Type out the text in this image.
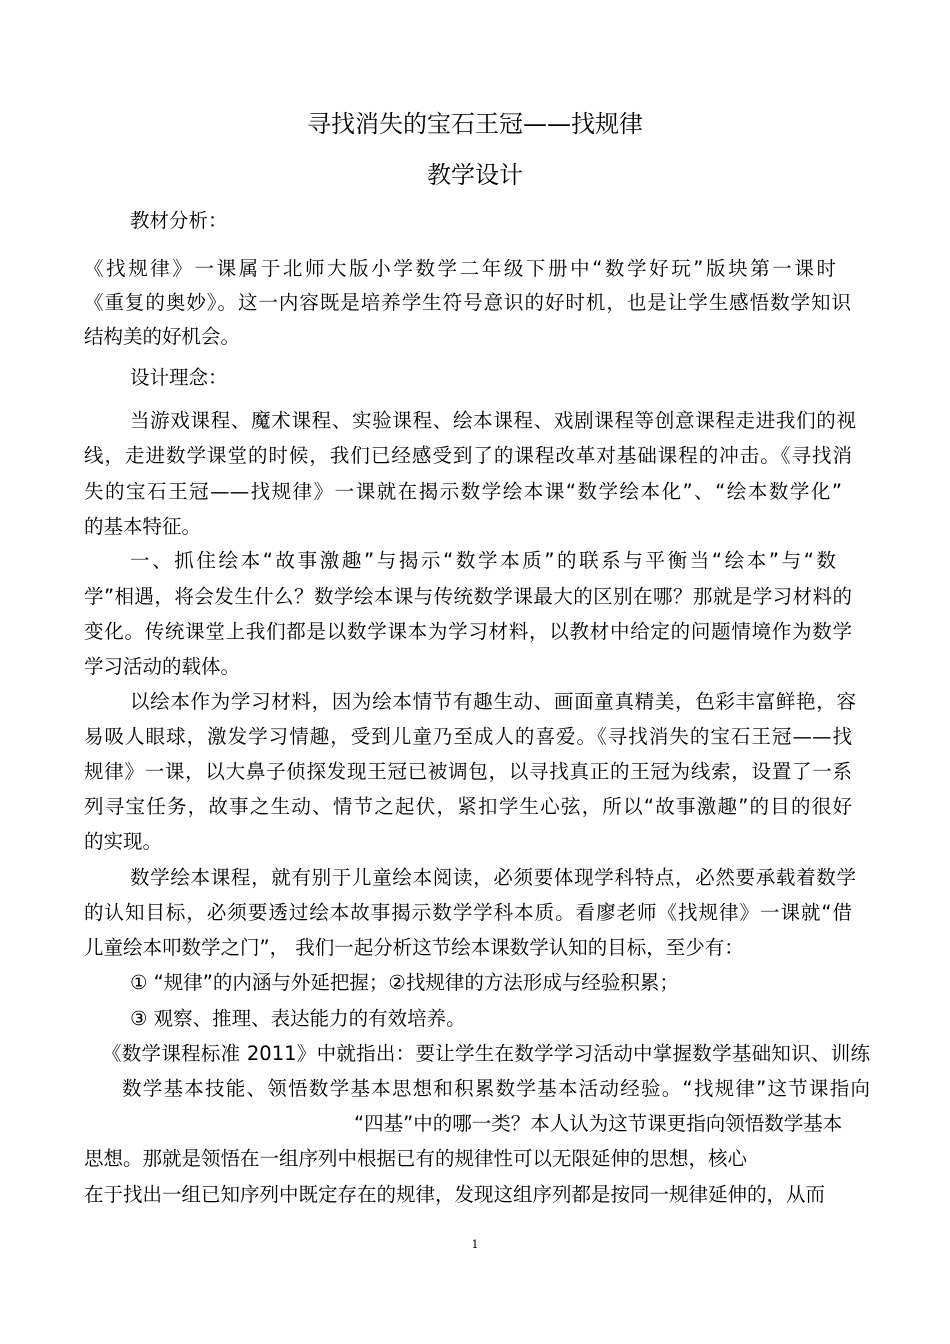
寻找消失的宝石王冠——找规律
教学设计
教材分析：
《找规律》一课属于北师大版小学数学二年级下册中“数学好玩”版块第一课时
《重复的奥妙》。这一内容既是培养学生符号意识的好时机，也是让学生感悟数学知识
结构美的好机会。
设计理念：
当游戏课程、魔术课程、实验课程、绘本课程、戏剧课程等创意课程走进我们的视
线，走进数学课堂的时候，我们已经感受到了的课程改革对基础课程的冲击。《寻找消
失的宝石王冠——找规律》一课就在揭示数学绘本课“数学绘本化”、“绘本数学化”
的基本特征。
一、抓住绘本“故事激趣”与揭示“数学本质”的联系与平衡当“绘本”与“数
学”相遇，将会发生什么？数学绘本课与传统数学课最大的区别在哪？那就是学习材料的
变化。传统课堂上我们都是以数学课本为学习材料，以教材中给定的问题情境作为数学
学习活动的载体。
以绘本作为学习材料，因为绘本情节有趣生动、画面童真精美，色彩丰富鲜艳，容
易吸人眼球，激发学习情趣，受到儿童乃至成人的喜爱。《寻找消失的宝石王冠——找
规律》一课，以大鼻子侦探发现王冠已被调包，以寻找真正的王冠为线索，设置了一系
列寻宝任务，故事之生动、情节之起伏，紧扣学生心弦，所以“故事激趣”的目的很好
的实现。
数学绘本课程，就有别于儿童绘本阅读，必须要体现学科特点，必然要承载着数学
的认知目标，必须要透过绘本故事揭示数学学科本质。看廖老师《找规律》一课就“借
儿童绘本叩数学之门”， 我们一起分析这节绘本课数学认知的目标，至少有：
① “规律”的内涵与外延把握；②找规律的方法形成与经验积累；
③ 观察、推理、表达能力的有效培养。
《数学课程标准 2011》中就指出：要让学生在数学学习活动中掌握数学基础知识、训练
数学基本技能、领悟数学基本思想和积累数学基本活动经验。“找规律”这节课指向
“四基”中的哪一类？本人认为这节课更指向领悟数学基本
思想。那就是领悟在一组序列中根据已有的规律性可以无限延伸的思想，核心
在于找出一组已知序列中既定存在的规律，发现这组序列都是按同一规律延伸的，从而
1
